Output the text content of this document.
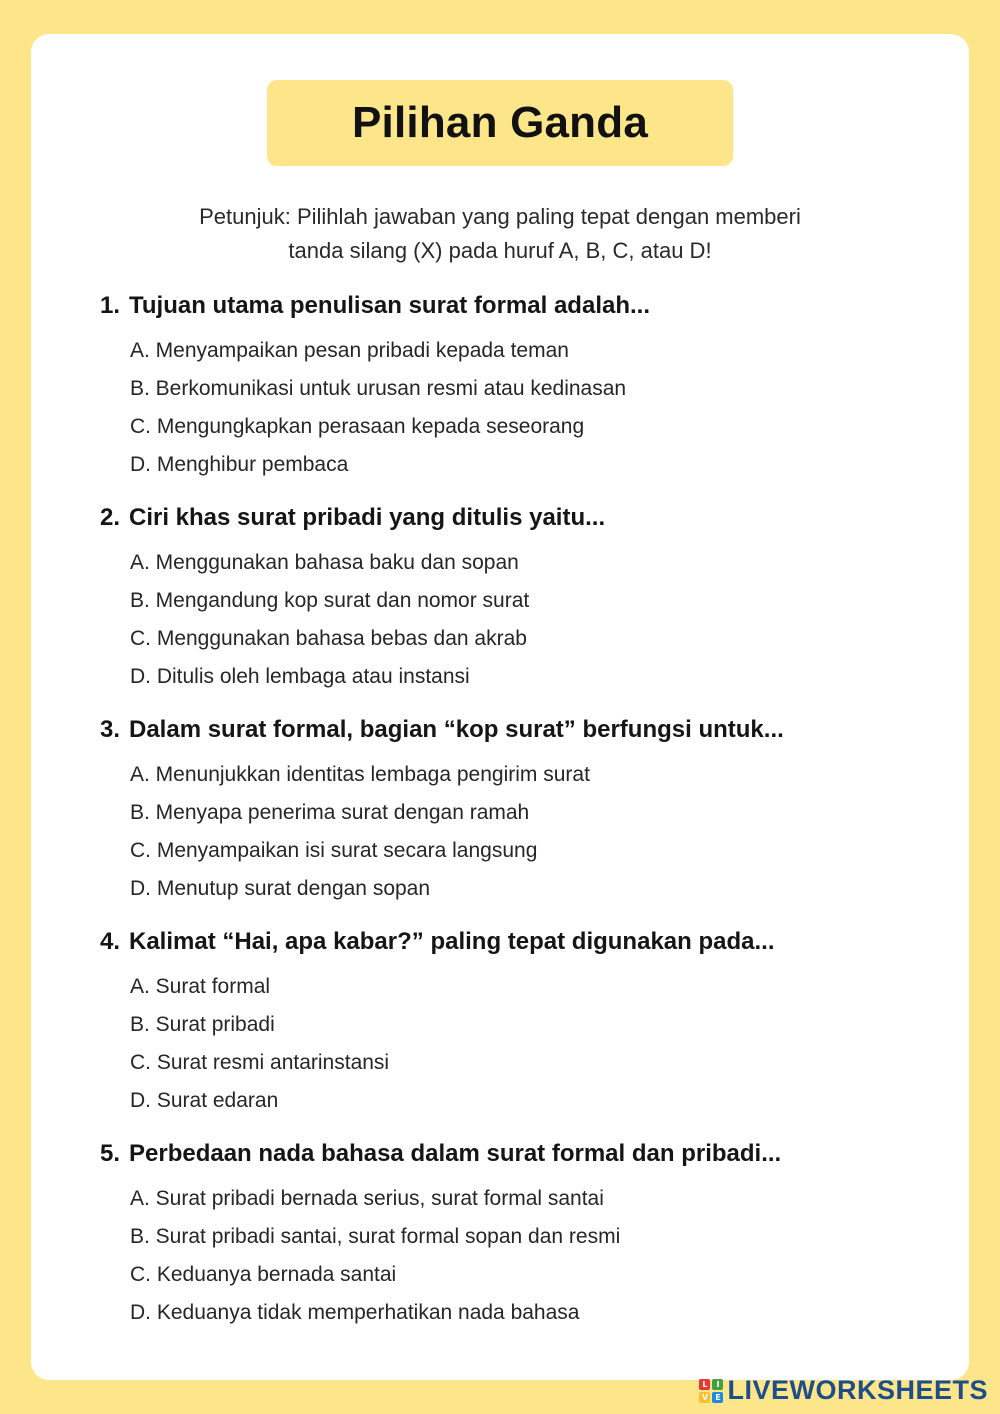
Pilihan Ganda
Petunjuk: Pilihlah jawaban yang paling tepat dengan memberi
tanda silang (X) pada huruf A, B, C, atau D!
1. Tujuan utama penulisan surat formal adalah...
A. Menyampaikan pesan pribadi kepada teman
B. Berkomunikasi untuk urusan resmi atau kedinasan
C. Mengungkapkan perasaan kepada seseorang
D. Menghibur pembaca
2. Ciri khas surat pribadi yang ditulis yaitu...
A. Menggunakan bahasa baku dan sopan
B. Mengandung kop surat dan nomor surat
C. Menggunakan bahasa bebas dan akrab
D. Ditulis oleh lembaga atau instansi
3. Dalam surat formal, bagian “kop surat” berfungsi untuk...
A. Menunjukkan identitas lembaga pengirim surat
B. Menyapa penerima surat dengan ramah
C. Menyampaikan isi surat secara langsung
D. Menutup surat dengan sopan
4. Kalimat “Hai, apa kabar?” paling tepat digunakan pada...
A. Surat formal
B. Surat pribadi
C. Surat resmi antarinstansi
D. Surat edaran
5. Perbedaan nada bahasa dalam surat formal dan pribadi...
A. Surat pribadi bernada serius, surat formal santai
B. Surat pribadi santai, surat formal sopan dan resmi
C. Keduanya bernada santai
D. Keduanya tidak memperhatikan nada bahasa
L	I
V E LIVEWORKSHEETS
